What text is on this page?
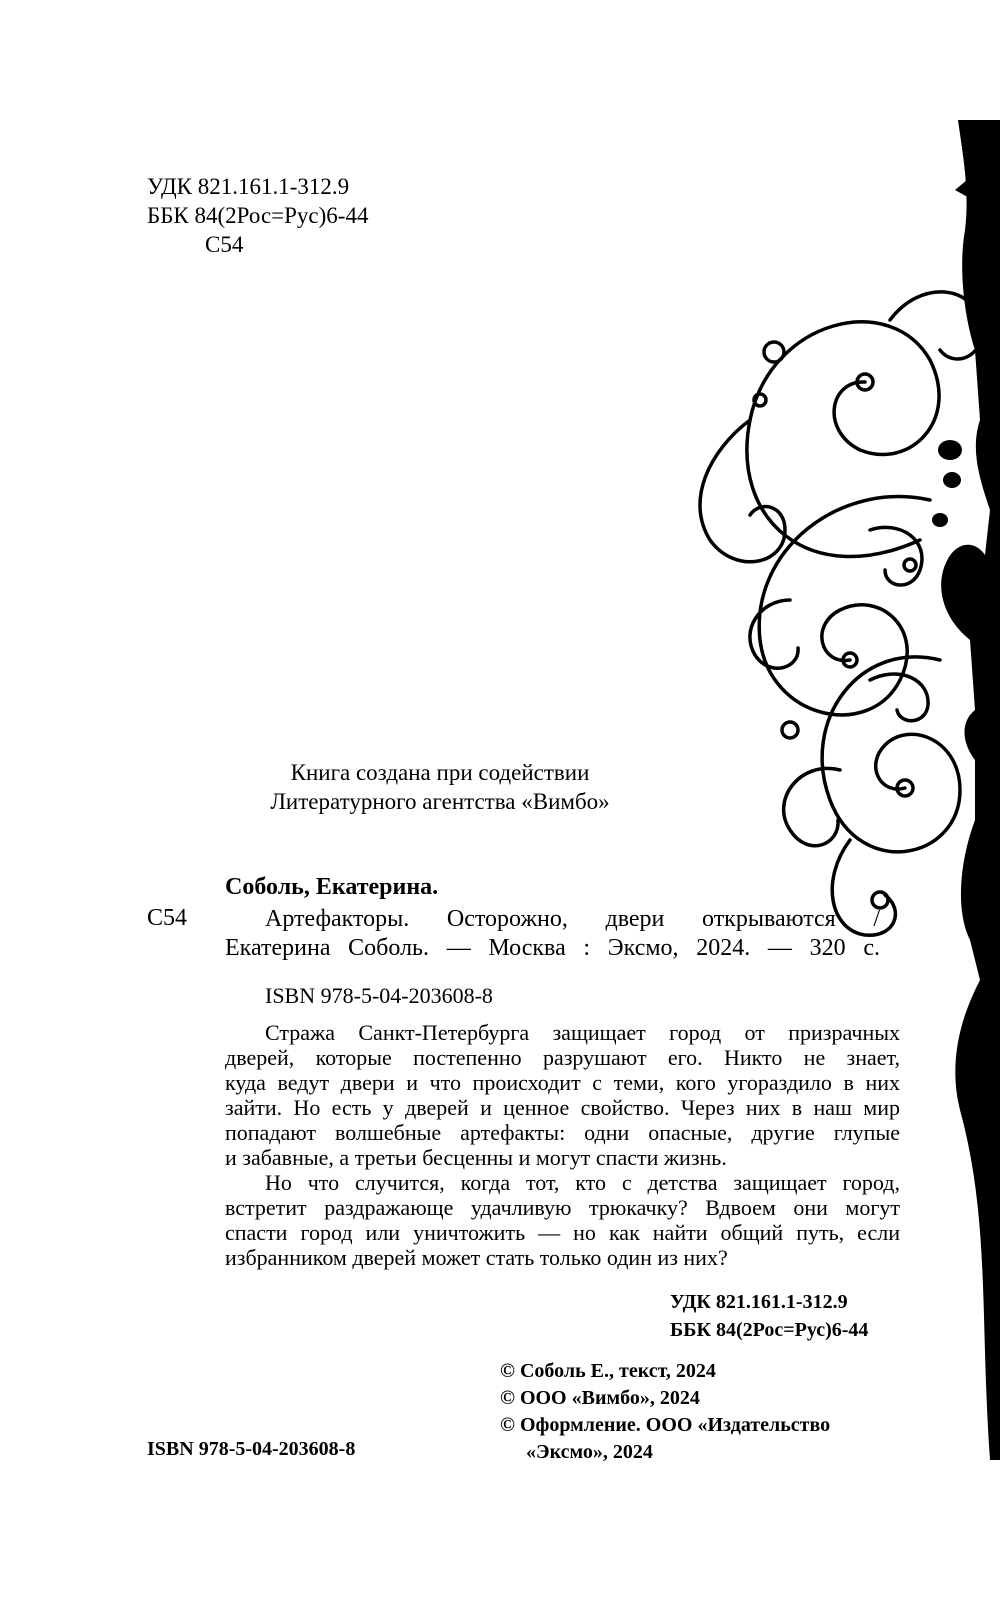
УДК 821.161.1-312.9
ББК 84(2Рос=Рус)6-44
С54
Книга создана при содействии
Литературного агентства «Вимбо»
Соболь, Екатерина.
С54	Артефакторы. Осторожно, двери открываются /
Екатерина Соболь. — Москва : Эксмо, 2024. — 320 с.
ISBN 978-5-04-203608-8
Стража Санкт-Петербурга защищает город от призрачных
дверей, которые постепенно разрушают его. Никто не знает,
куда ведут двери и что происходит с теми, кого угораздило в них
зайти. Но есть у дверей и ценное свойство. Через них в наш мир
попадают волшебные артефакты: одни опасные, другие глупые
и забавные, а третьи бесценны и могут спасти жизнь.
Но что случится, когда тот, кто с детства защищает город,
встретит раздражающе удачливую трюкачку? Вдвоем они могут
спасти город или уничтожить — но как найти общий путь, если
избранником дверей может стать только один из них?
УДК 821.161.1-312.9
ББК 84(2Рос=Рус)6-44
© Соболь Е., текст, 2024
© ООО «Вимбо», 2024
© Оформление. ООО «Издательство
«Эксмо», 2024
ISBN 978-5-04-203608-8
